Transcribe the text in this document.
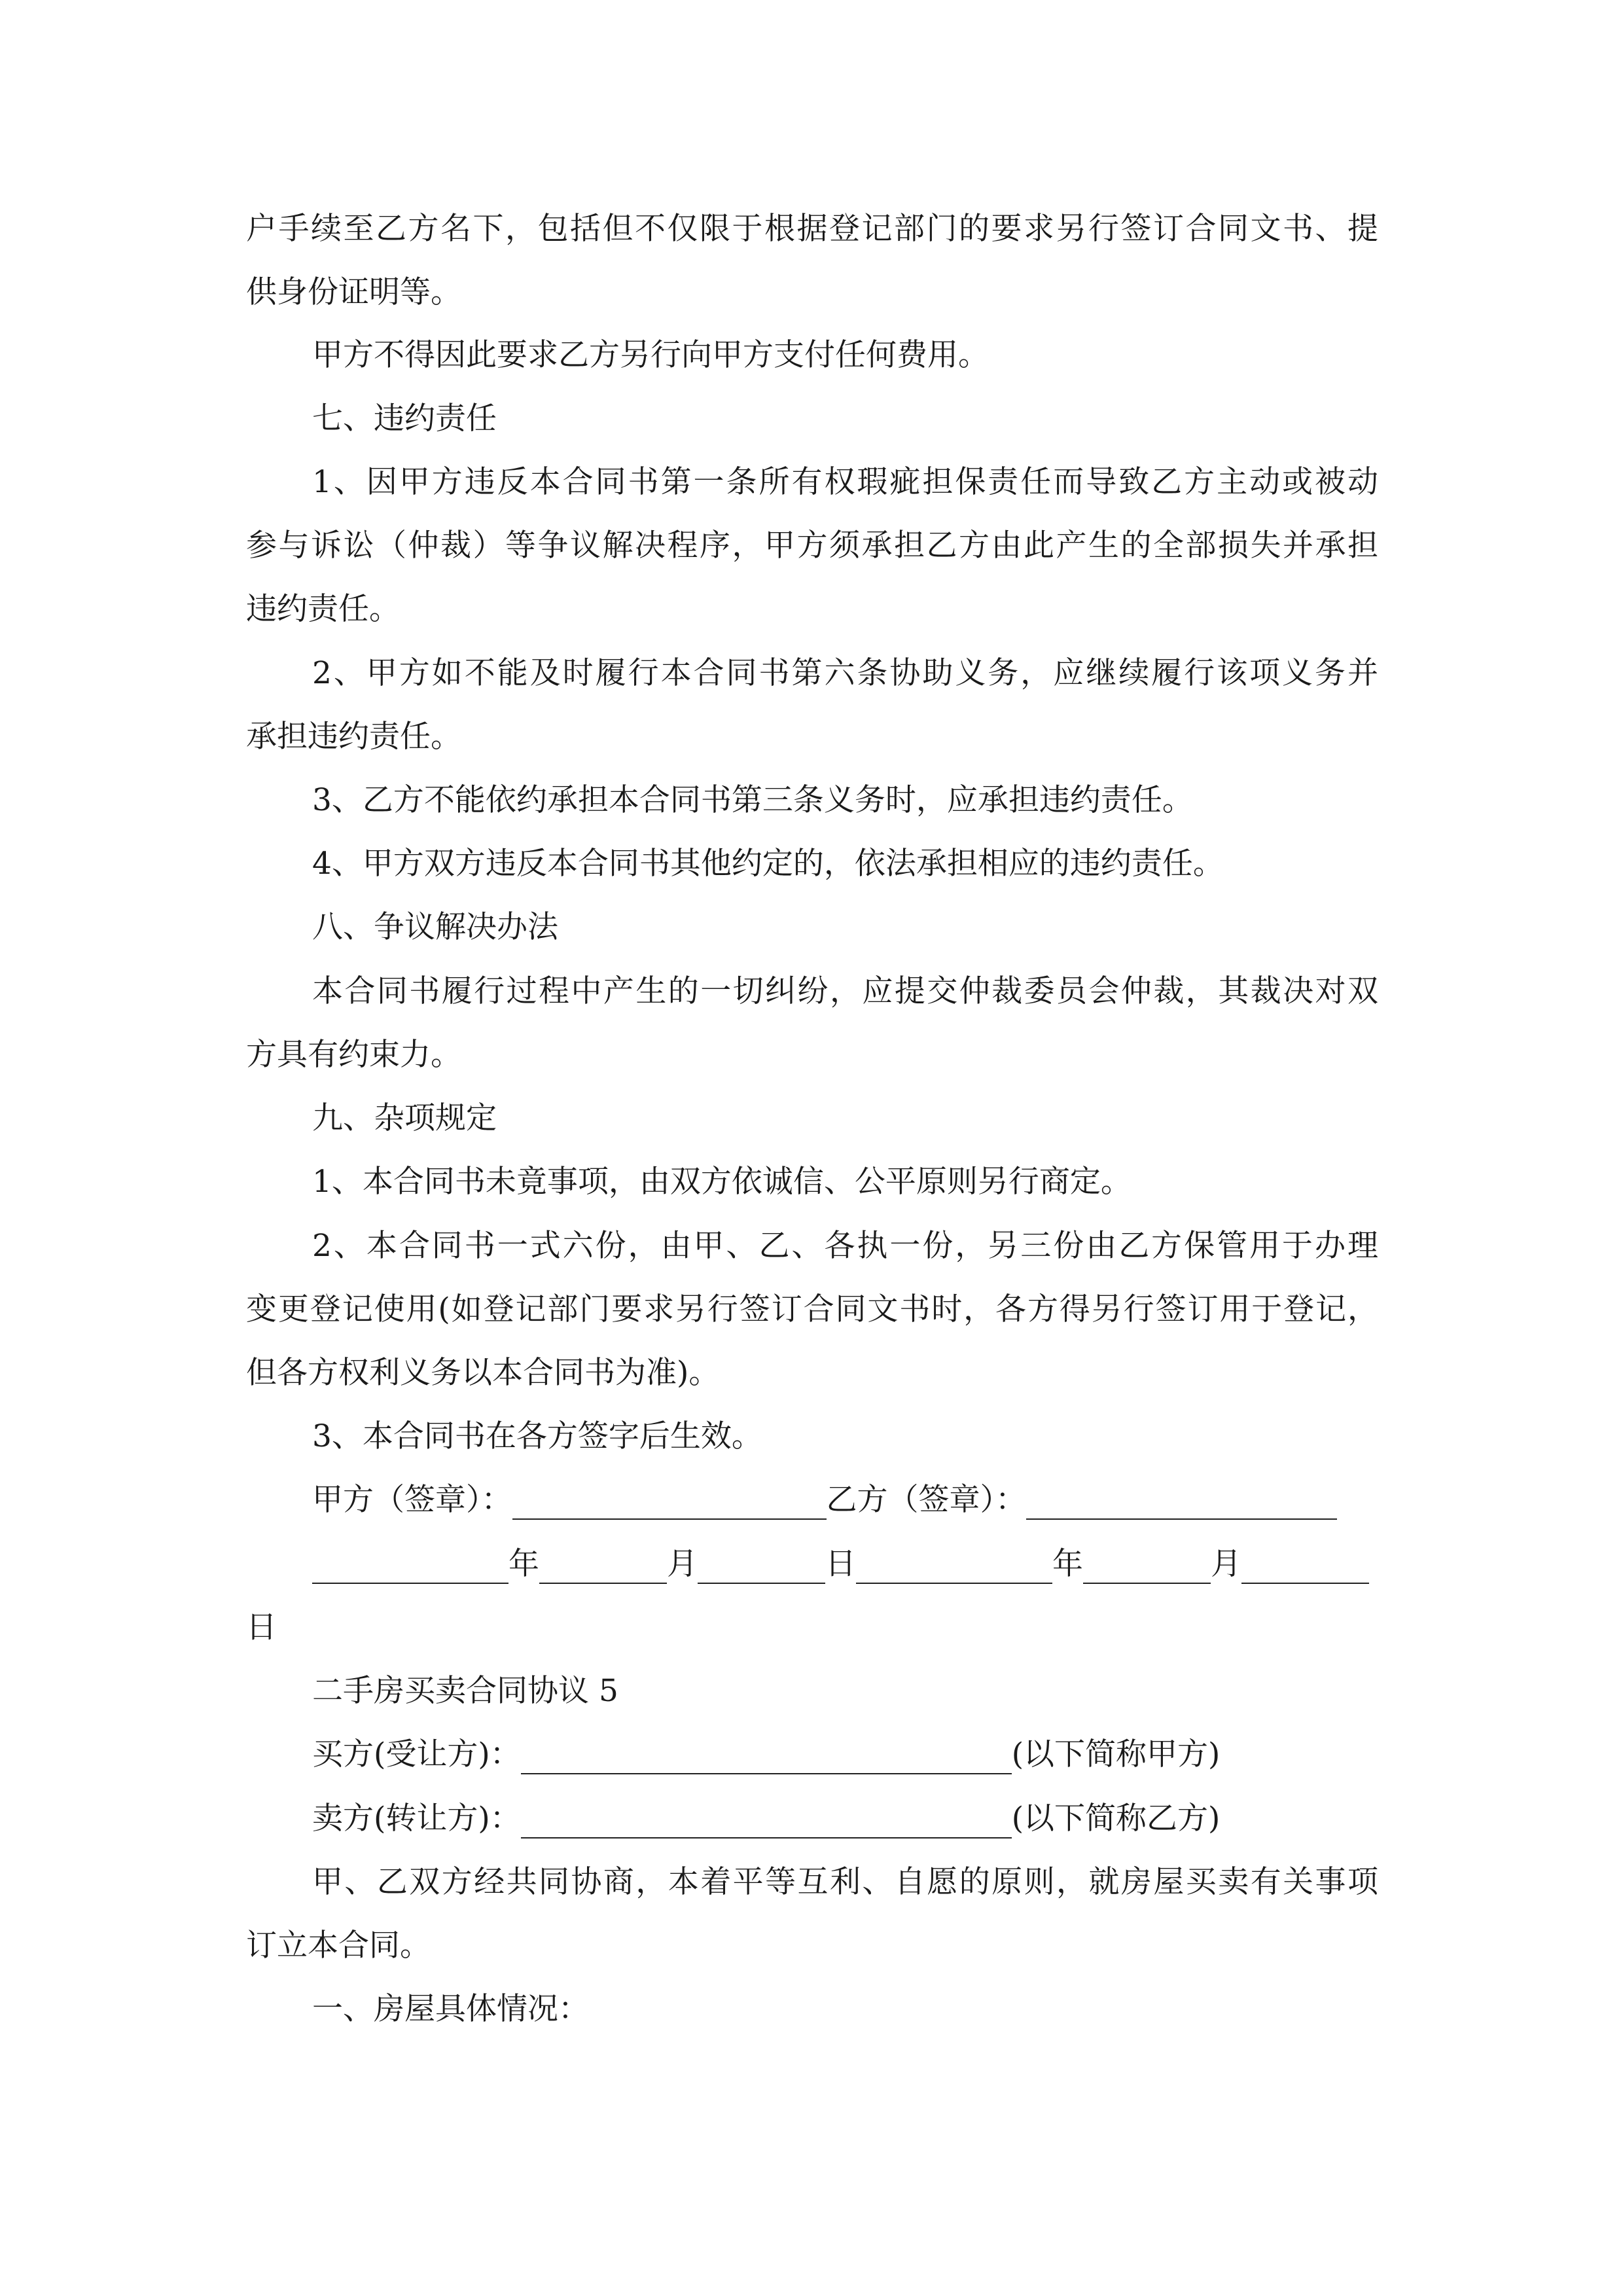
户手续至乙方名下，包括但不仅限于根据登记部门的要求另行签订合同文书、提
供身份证明等。
甲方不得因此要求乙方另行向甲方支付任何费用。
七、违约责任
1、因甲方违反本合同书第一条所有权瑕疵担保责任而导致乙方主动或被动
参与诉讼（仲裁）等争议解决程序，甲方须承担乙方由此产生的全部损失并承担
违约责任。
2、甲方如不能及时履行本合同书第六条协助义务，应继续履行该项义务并
承担违约责任。
3、乙方不能依约承担本合同书第三条义务时，应承担违约责任。
4、甲方双方违反本合同书其他约定的，依法承担相应的违约责任。
八、争议解决办法
本合同书履行过程中产生的一切纠纷，应提交仲裁委员会仲裁，其裁决对双
方具有约束力。
九、杂项规定
1、本合同书未竟事项，由双方依诚信、公平原则另行商定。
2、本合同书一式六份，由甲、乙、各执一份，另三份由乙方保管用于办理
变更登记使用(如登记部门要求另行签订合同文书时，各方得另行签订用于登记，
但各方权利义务以本合同书为准)。
3、本合同书在各方签字后生效。
甲方（签章）：	乙方（签章）：
年	月	日	年	月
日
二手房买卖合同协议 5
买方(受让方)：	(以下简称甲方)
卖方(转让方)：	(以下简称乙方)
甲、乙双方经共同协商，本着平等互利、自愿的原则，就房屋买卖有关事项
订立本合同。
一、房屋具体情况：
